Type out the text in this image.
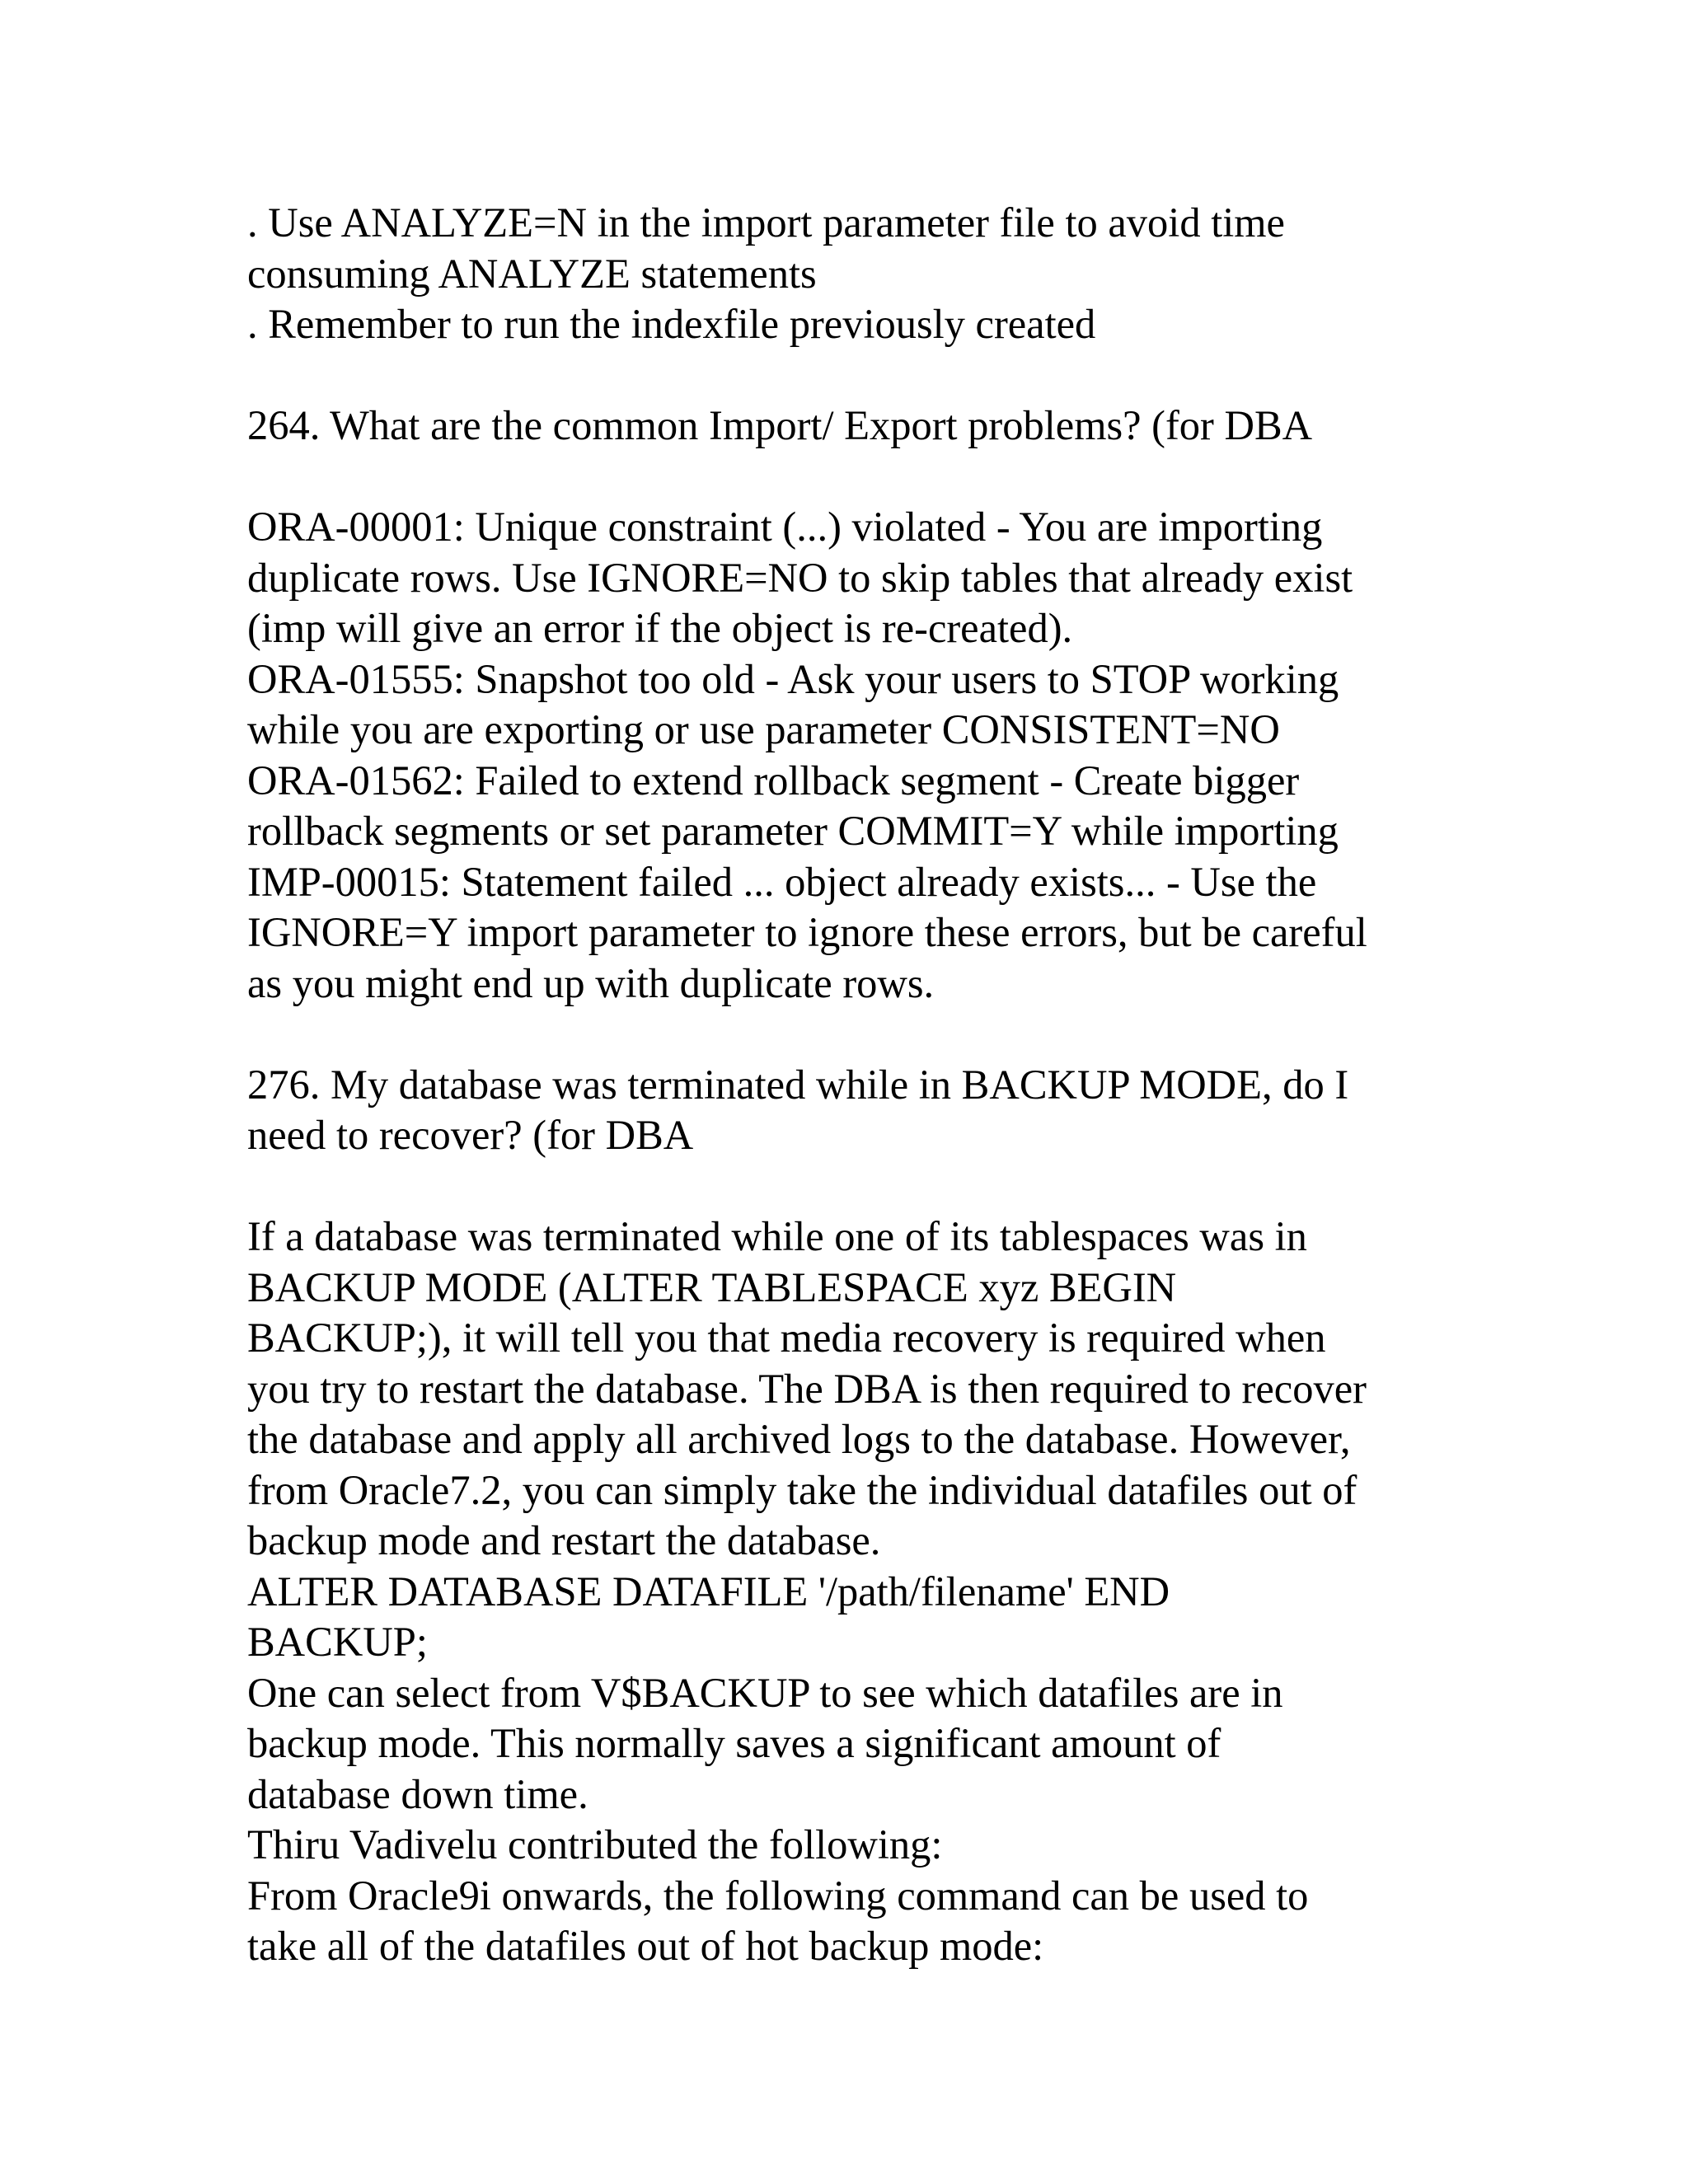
. Use ANALYZE=N in the import parameter file to avoid time
consuming ANALYZE statements
. Remember to run the indexfile previously created
264. What are the common Import/ Export problems? (for DBA
ORA-00001: Unique constraint (...) violated - You are importing
duplicate rows. Use IGNORE=NO to skip tables that already exist
(imp will give an error if the object is re-created).
ORA-01555: Snapshot too old - Ask your users to STOP working
while you are exporting or use parameter CONSISTENT=NO
ORA-01562: Failed to extend rollback segment - Create bigger
rollback segments or set parameter COMMIT=Y while importing
IMP-00015: Statement failed ... object already exists... - Use the
IGNORE=Y import parameter to ignore these errors, but be careful
as you might end up with duplicate rows.
276. My database was terminated while in BACKUP MODE, do I
need to recover? (for DBA
If a database was terminated while one of its tablespaces was in
BACKUP MODE (ALTER TABLESPACE xyz BEGIN
BACKUP;), it will tell you that media recovery is required when
you try to restart the database. The DBA is then required to recover
the database and apply all archived logs to the database. However,
from Oracle7.2, you can simply take the individual datafiles out of
backup mode and restart the database.
ALTER DATABASE DATAFILE '/path/filename' END
BACKUP;
One can select from V$BACKUP to see which datafiles are in
backup mode. This normally saves a significant amount of
database down time.
Thiru Vadivelu contributed the following:
From Oracle9i onwards, the following command can be used to
take all of the datafiles out of hot backup mode:
